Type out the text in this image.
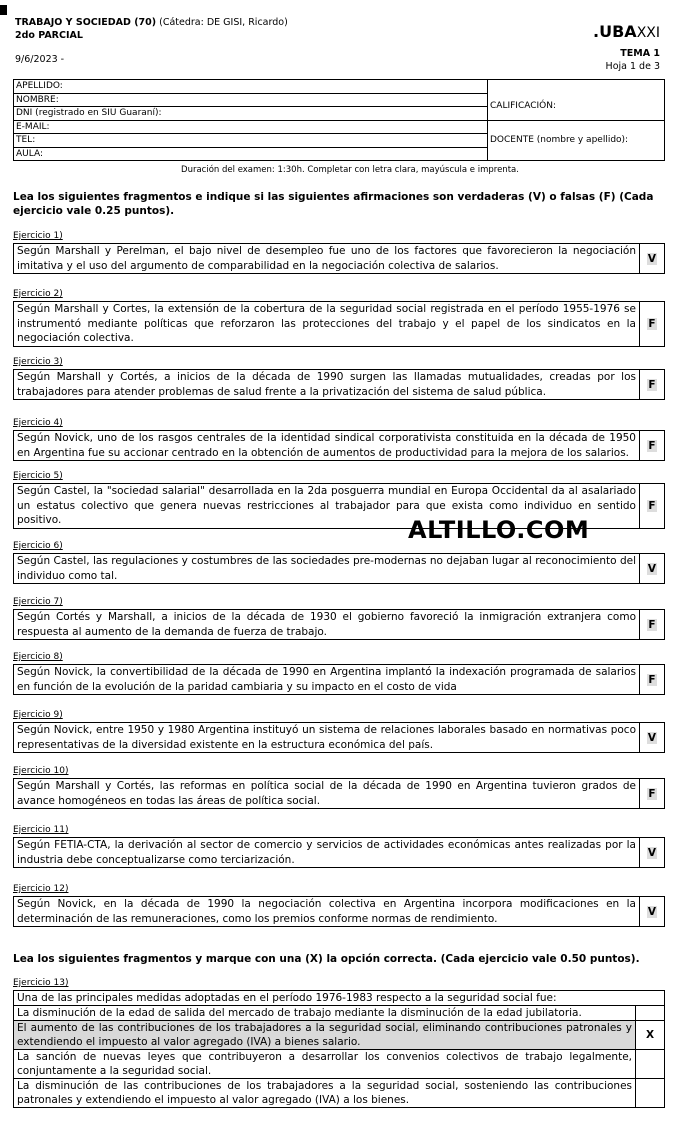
TRABAJO Y SOCIEDAD (70) (Cátedra: DE GISI, Ricardo)
2do PARCIAL	.UBAXXI
9/6/2023 -
TEMA 1
Hoja 1 de 3
APELLIDO:	
NOMBRE:	CALIFICACIÓN:
DNI (registrado en SIU Guaraní):	
E-MAIL:	DOCENTE (nombre y apellido):
TEL:	
AULA:	
Duración del examen: 1:30h. Completar con letra clara, mayúscula e imprenta.
Lea los siguientes fragmentos e indique si las siguientes afirmaciones son verdaderas (V) o falsas (F) (Cada ejercicio vale 0.25 puntos).
Ejercicio 1)
Según Marshall y Perelman, el bajo nivel de desempleo fue uno de los factores que favorecieron la negociación imitativa y el uso del argumento de comparabilidad en la negociación colectiva de salarios.
V
Ejercicio 2)
Según Marshall y Cortes, la extensión de la cobertura de la seguridad social registrada en el período 1955-1976 se instrumentó mediante políticas que reforzaron las protecciones del trabajo y el papel de los sindicatos en la negociación colectiva.
F
Ejercicio 3)
Según Marshall y Cortés, a inicios de la década de 1990 surgen las llamadas mutualidades, creadas por los trabajadores para atender problemas de salud frente a la privatización del sistema de salud pública.
F
Ejercicio 4)
Según Novick, uno de los rasgos centrales de la identidad sindical corporativista constituida en la década de 1950 en Argentina fue su accionar centrado en la obtención de aumentos de productividad para la mejora de los salarios.
F
Ejercicio 5)
Según Castel, la "sociedad salarial" desarrollada en la 2da posguerra mundial en Europa Occidental da al asalariado un estatus colectivo que genera nuevas restricciones al trabajador para que exista como individuo en sentido positivo.
F
Ejercicio 6)
Según Castel, las regulaciones y costumbres de las sociedades pre-modernas no dejaban lugar al reconocimiento del individuo como tal.
V
Ejercicio 7)
Según Cortés y Marshall, a inicios de la década de 1930 el gobierno favoreció la inmigración extranjera como respuesta al aumento de la demanda de fuerza de trabajo.
F
Ejercicio 8)
Según Novick, la convertibilidad de la década de 1990 en Argentina implantó la indexación programada de salarios en función de la evolución de la paridad cambiaria y su impacto en el costo de vida
F
Ejercicio 9)
Según Novick, entre 1950 y 1980 Argentina instituyó un sistema de relaciones laborales basado en normativas poco representativas de la diversidad existente en la estructura económica del país.
V
Ejercicio 10)
Según Marshall y Cortés, las reformas en política social de la década de 1990 en Argentina tuvieron grados de avance homogéneos en todas las áreas de política social.
F
Ejercicio 11)
Según FETIA-CTA, la derivación al sector de comercio y servicios de actividades económicas antes realizadas por la industria debe conceptualizarse como terciarización.
V
Ejercicio 12)
Según Novick, en la década de 1990 la negociación colectiva en Argentina incorpora modificaciones en la determinación de las remuneraciones, como los premios conforme normas de rendimiento.
V
ALTILLO.COM
Lea los siguientes fragmentos y marque con una (X) la opción correcta. (Cada ejercicio vale 0.50 puntos).
Ejercicio 13)
Una de las principales medidas adoptadas en el período 1976-1983 respecto a la seguridad social fue:	
La disminución de la edad de salida del mercado de trabajo mediante la disminución de la edad jubilatoria.	
El aumento de las contribuciones de los trabajadores a la seguridad social, eliminando contribuciones patronales y extendiendo el impuesto al valor agregado (IVA) a bienes salario.	X
La sanción de nuevas leyes que contribuyeron a desarrollar los convenios colectivos de trabajo legalmente, conjuntamente a la seguridad social.	
La disminución de las contribuciones de los trabajadores a la seguridad social, sosteniendo las contribuciones patronales y extendiendo el impuesto al valor agregado (IVA) a los bienes.	
